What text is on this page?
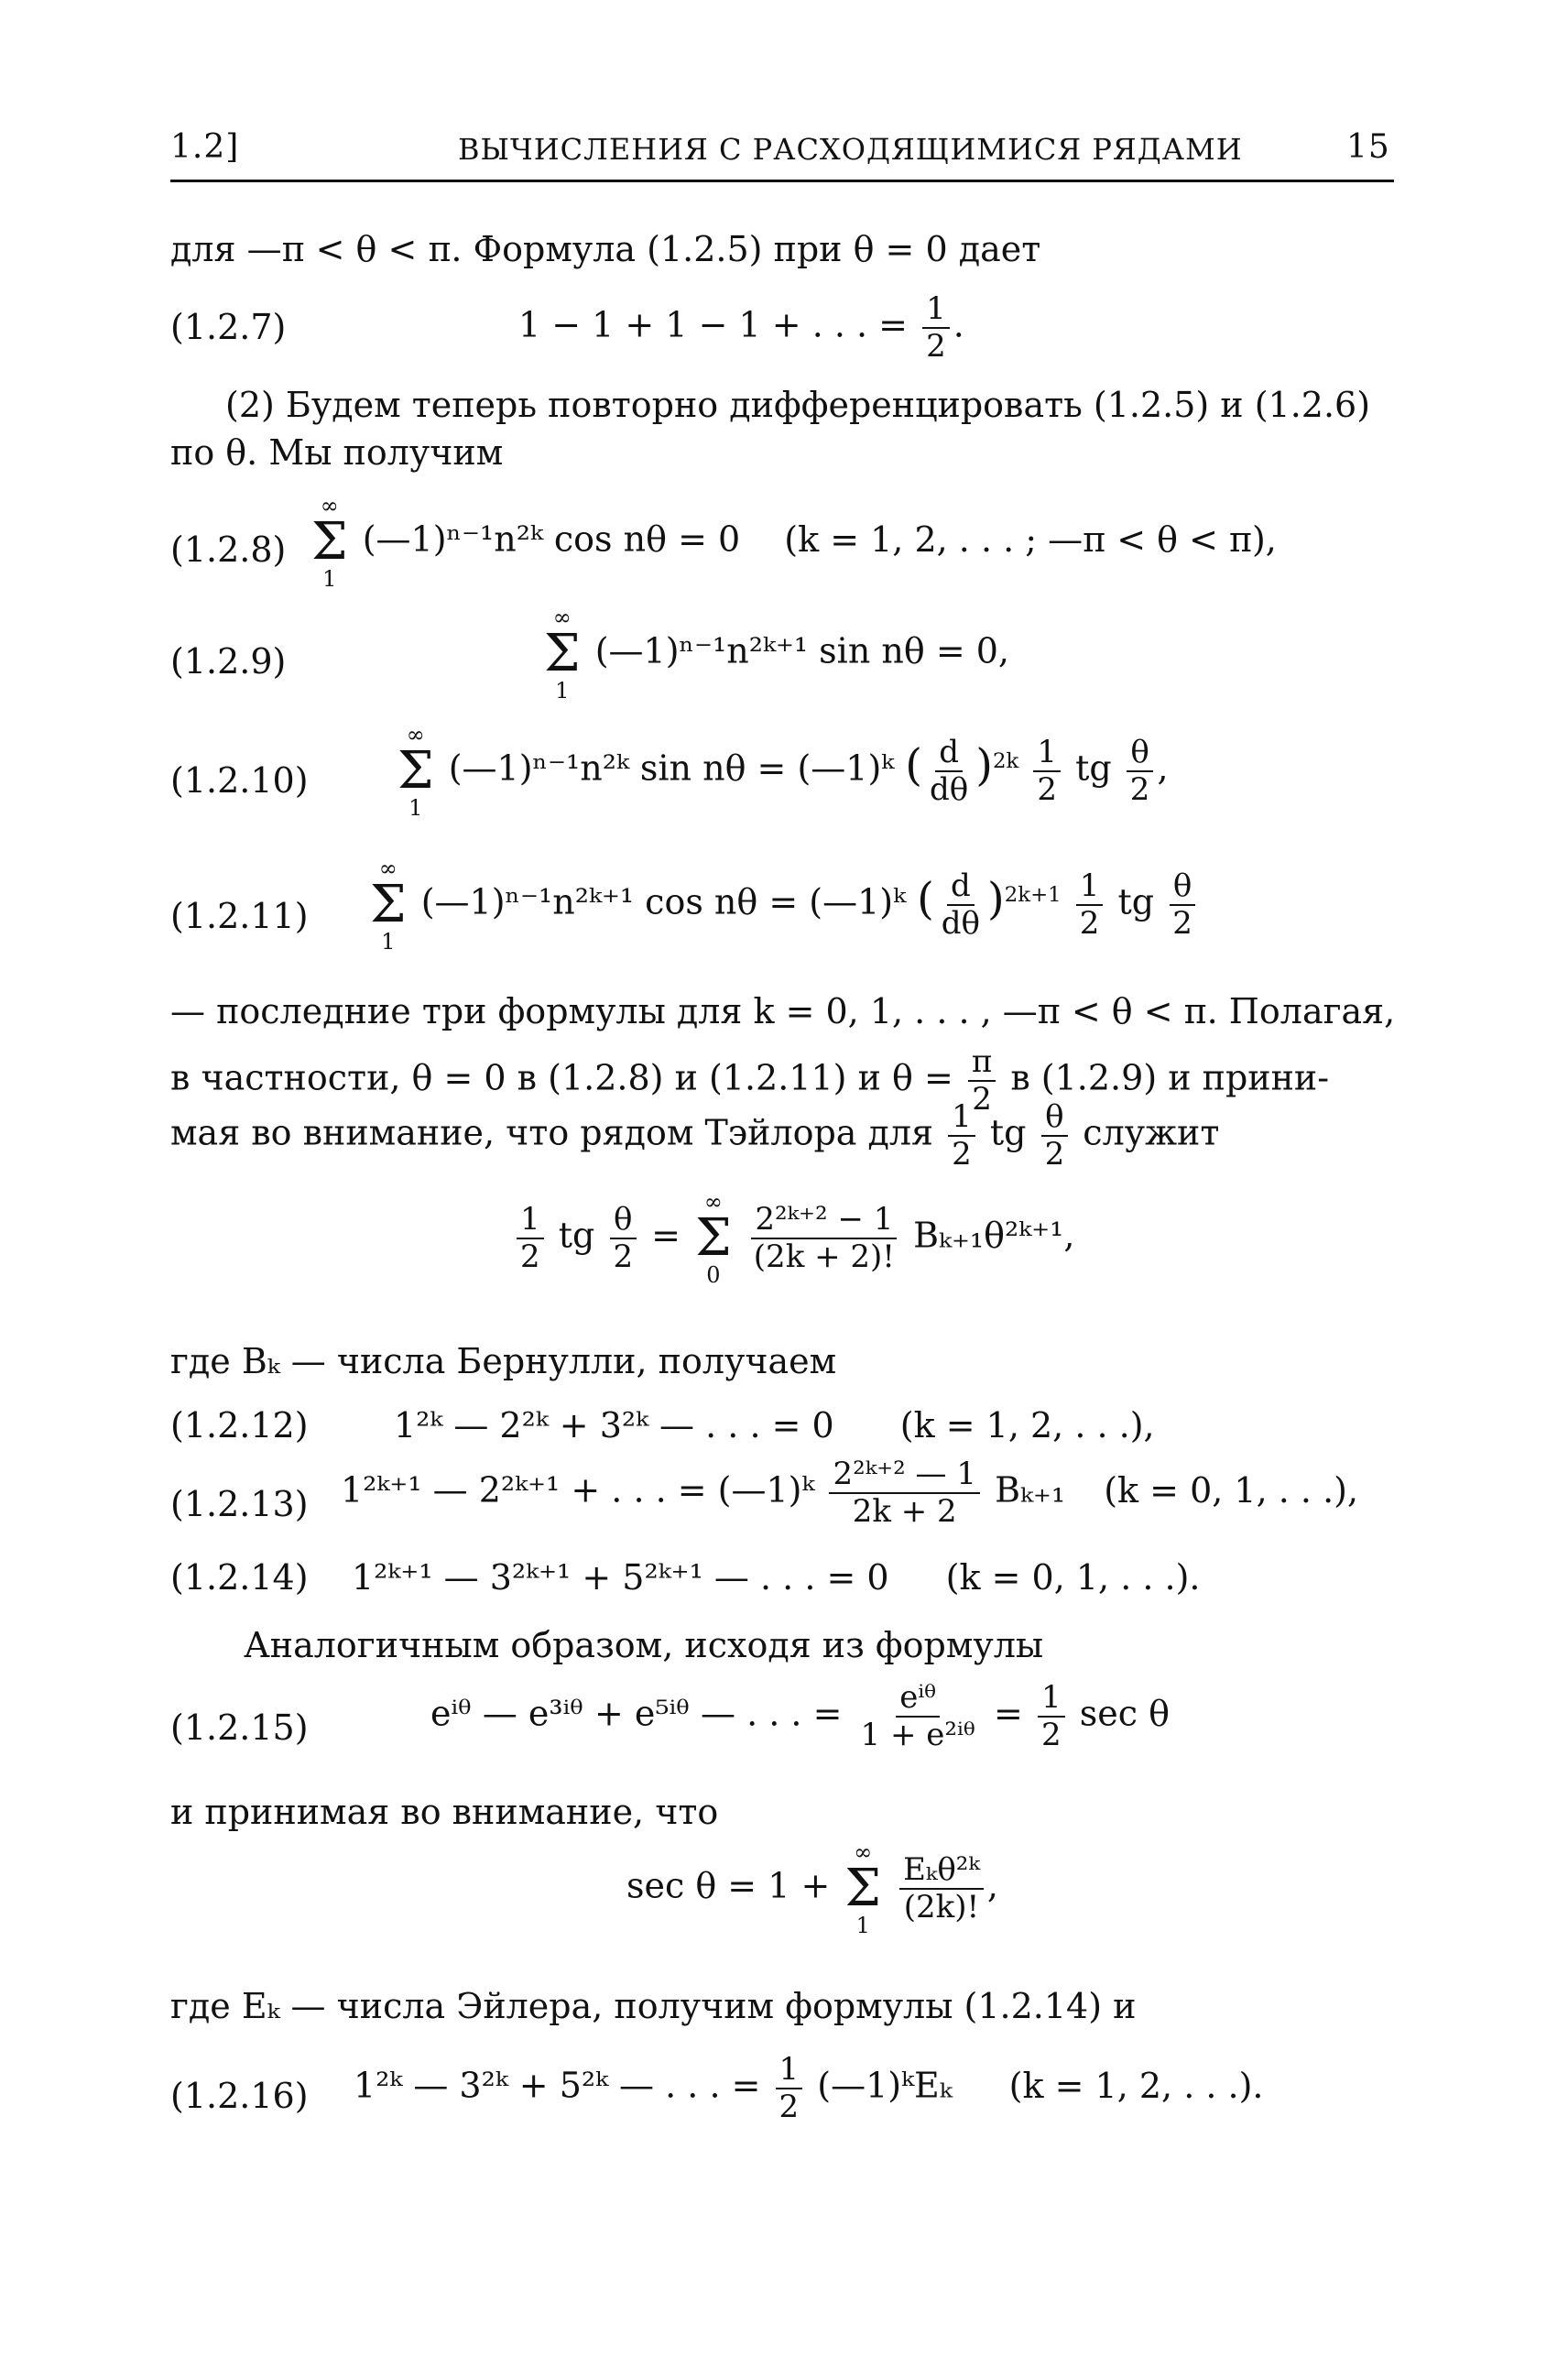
1.2]	ВЫЧИСЛЕНИЯ С РАСХОДЯЩИМИСЯ РЯДАМИ	15
для —π < θ < π. Формула (1.2.5) при θ = 0 дает
(1.2.7)	1 − 1 + 1 − 1 + . . . = $\frac{1}{2}$ .
(2) Будем теперь повторно дифференцировать (1.2.5) и (1.2.6)
по θ. Мы получим
(1.2.8)
∞
Σ
1
(—1)ⁿ⁻¹n²ᵏ cos nθ = 0 (k = 1, 2, . . . ; —π < θ < π),
(1.2.9)
∞
Σ
1
(—1)ⁿ⁻¹n²ᵏ⁺¹ sin nθ = 0,
(1.2.10)
∞
Σ
1
(—1)ⁿ⁻¹n²ᵏ sin nθ = (—1)ᵏ ( $\frac{d}{d\theta} )^{2k} \frac{1}{2}$ tg $\frac{\theta}{2}$ ,
(1.2.11)
∞
Σ
1
(—1)ⁿ⁻¹n²ᵏ⁺¹ cos nθ = (—1)ᵏ ( $\frac{d}{d\theta} )^{2k+1} \frac{1}{2}$ tg $\frac{\theta}{2}$
— последние три формулы для k = 0, 1, . . . , —π < θ < π. Полагая,
в частности, θ = 0 в (1.2.8) и (1.2.11) и $\theta = \frac{\pi}{2}$ в (1.2.9) и прини-
мая во внимание, что рядом Тэйлора для $\frac{1}{2}$ tg $\frac{\theta}{2}$ служит
$\frac{1}{2}$ tg $\frac{\theta}{2}$ =
∞
Σ
0
$\frac{\text{2²ᵏ⁺² − 1}}{(2k + 2)!}$ Bₖ₊₁θ²ᵏ⁺¹,
где Bₖ — числа Бернулли, получаем
(1.2.12) 1²ᵏ — 2²ᵏ + 3²ᵏ — . . . = 0 (k = 1, 2, . . .),
(1.2.13) 1²ᵏ⁺¹ — 2²ᵏ⁺¹ + . . . = (—1)ᵏ $\frac{\text{2²ᵏ⁺² — 1}}{2k + 2} B_{k+1}$ (k = 0, 1, . . .),
(1.2.14) 1²ᵏ⁺¹ — 3²ᵏ⁺¹ + 5²ᵏ⁺¹ — . . . = 0 (k = 0, 1, . . .).
Аналогичным образом, исходя из формулы
(1.2.15)	eⁱᶿ — e³ⁱᶿ + e⁵ⁱᶿ — . . . = $\frac{\text{eⁱᶿ}}{\text{1 + e²ⁱᶿ}} = \frac{1}{2}$ sec θ
и принимая во внимание, что
sec θ = 1 +
∞
Σ
1
$\frac{\text{Eₖθ²ᵏ}}{(2k)!}$ ,
где Eₖ — числа Эйлера, получим формулы (1.2.14) и
(1.2.16) 1²ᵏ — 3²ᵏ + 5²ᵏ — . . . = $\frac{1}{2}$ (—1)ᵏEₖ (k = 1, 2, . . .).
